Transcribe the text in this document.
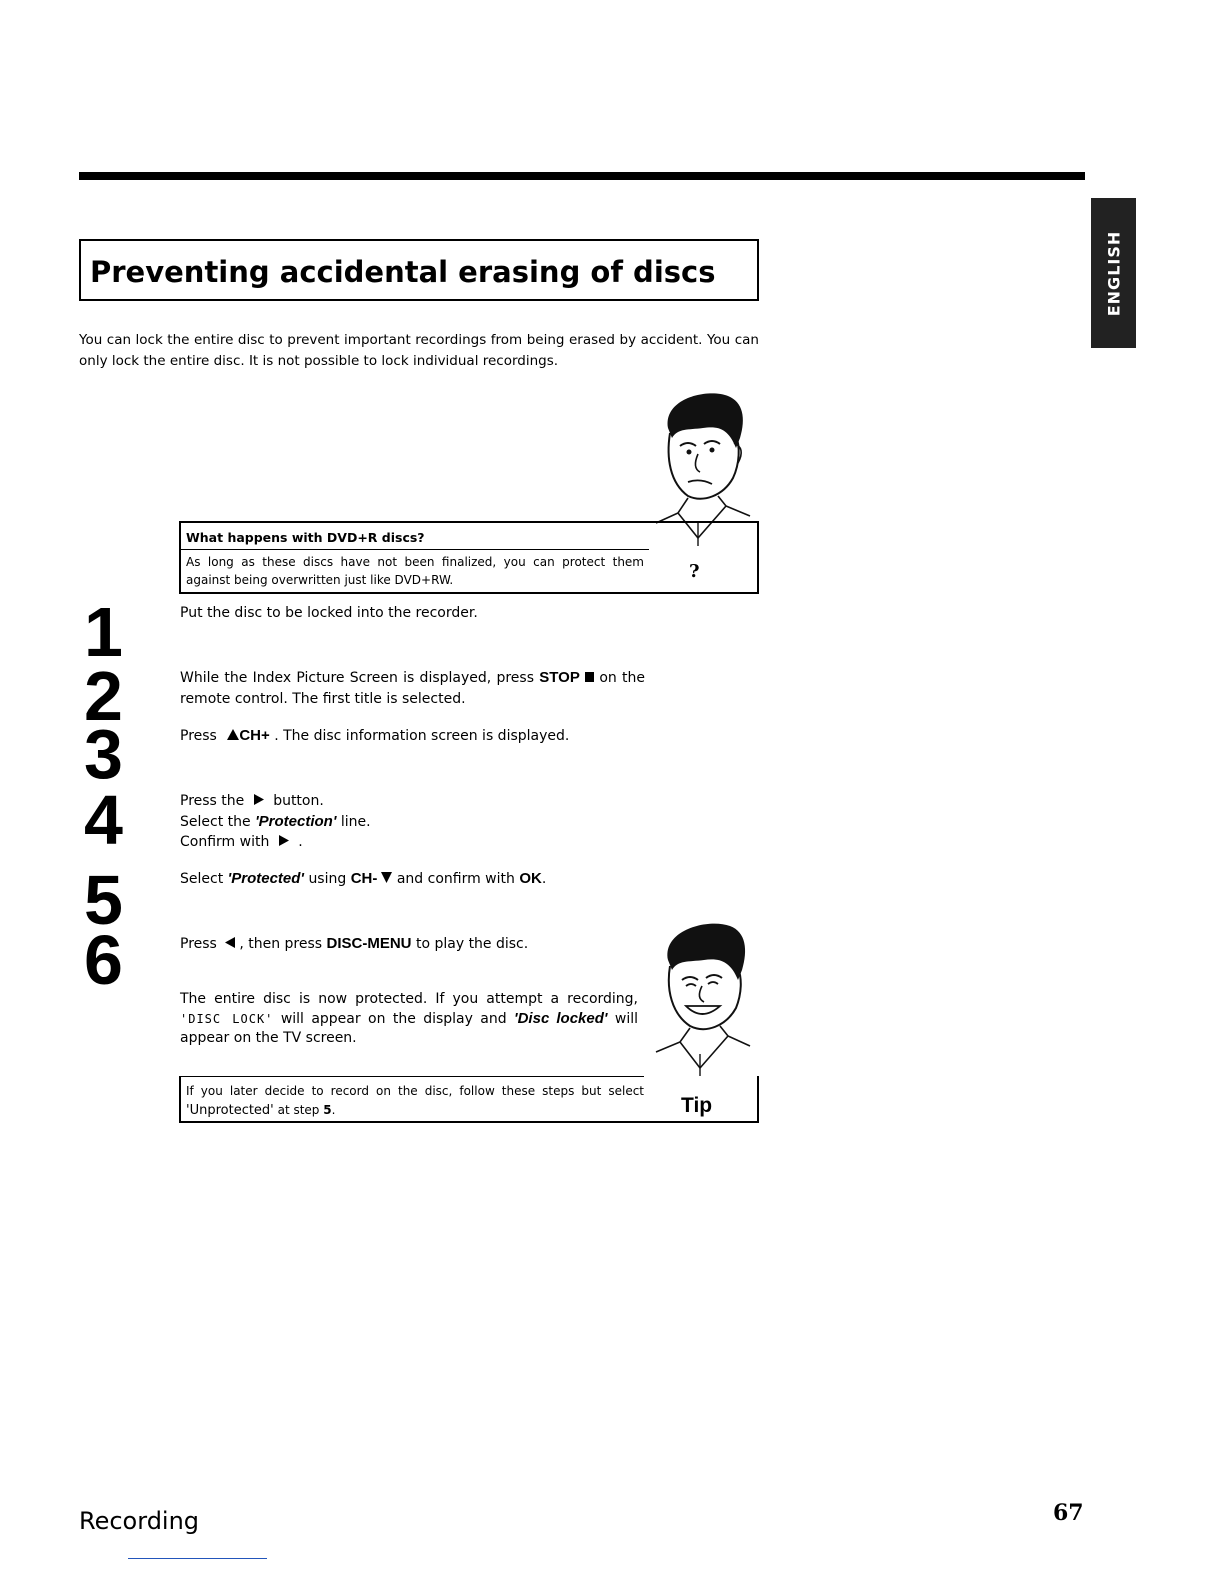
ENGLISH
Preventing accidental erasing of discs
You can lock the entire disc to prevent important recordings from being erased by accident. You can only lock the entire disc. It is not possible to lock individual recordings.
What happens with DVD+R discs?
As long as these discs have not been finalized, you can protect them against being overwritten just like DVD+RW.	?
1
2
3
4
5
6
Put the disc to be locked into the recorder.
While the Index Picture Screen is displayed, press STOP on the remote control. The first title is selected.
Press CH+ . The disc information screen is displayed.
Press the button.
Select the 'Protection' line.
Confirm with .
Select 'Protected' using CH- and confirm with OK.
Press , then press DISC-MENU to play the disc.
The entire disc is now protected. If you attempt a recording, 'DISC LOCK' will appear on the display and 'Disc locked' will appear on the TV screen.
If you later decide to record on the disc, follow these steps but select 'Unprotected' at step 5.	Tip
Recording	67
